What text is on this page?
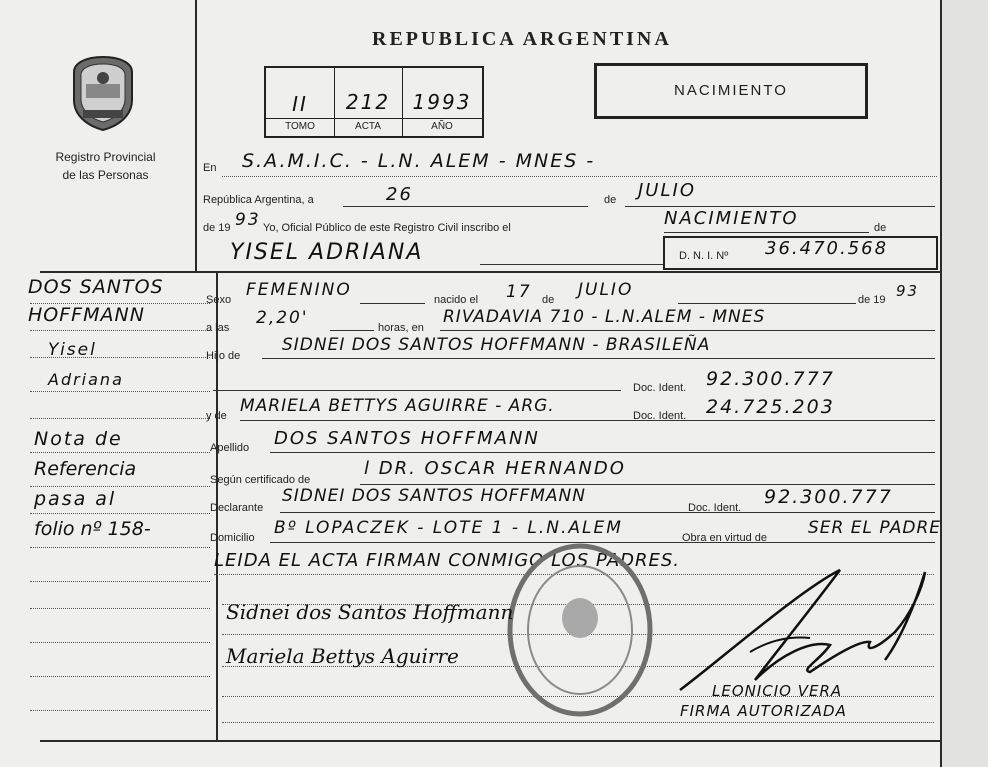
Registro Provincial
de las Personas
REPUBLICA ARGENTINA
II	212	1993
TOMO	ACTA	AÑO
NACIMIENTO
En S.A.M.I.C. - L.N. ALEM - MNES -
República Argentina, a	26	de JULIO
de 19 93 Yo, Oficial Público de este Registro Civil inscribo el	NACIMIENTO	de
YISEL ADRIANA	D. N. I. Nº 36.470.568
DOS SANTOS
HOFFMANN
Yisel
Adriana
Nota de
Referencia
pasa al
folio nº 158-
Sexo FEMENINO	nacido el 17 de JULIO	de 19 93
a las 2,20'	horas, en
RIVADAVIA 710 - L.N.ALEM - MNES
Hijo de
SIDNEI DOS SANTOS HOFFMANN - BRASILEÑA
Doc. Ident. 92.300.777
y de MARIELA BETTYS AGUIRRE - ARG.	Doc. Ident. 24.725.203
Apellido DOS SANTOS HOFFMANN
Según certificado de
l DR. OSCAR HERNANDO
Declarante
SIDNEI DOS SANTOS HOFFMANN
Doc. Ident. 92.300.777
Domicilio Bº LOPACZEK - LOTE 1 - L.N.ALEM	Obra en virtud de SER EL PADRE
LEIDA EL ACTA FIRMAN CONMIGO LOS PADRES.
Sidnei dos Santos Hoffmann
Mariela Bettys Aguirre
LEONICIO VERA
FIRMA AUTORIZADA
